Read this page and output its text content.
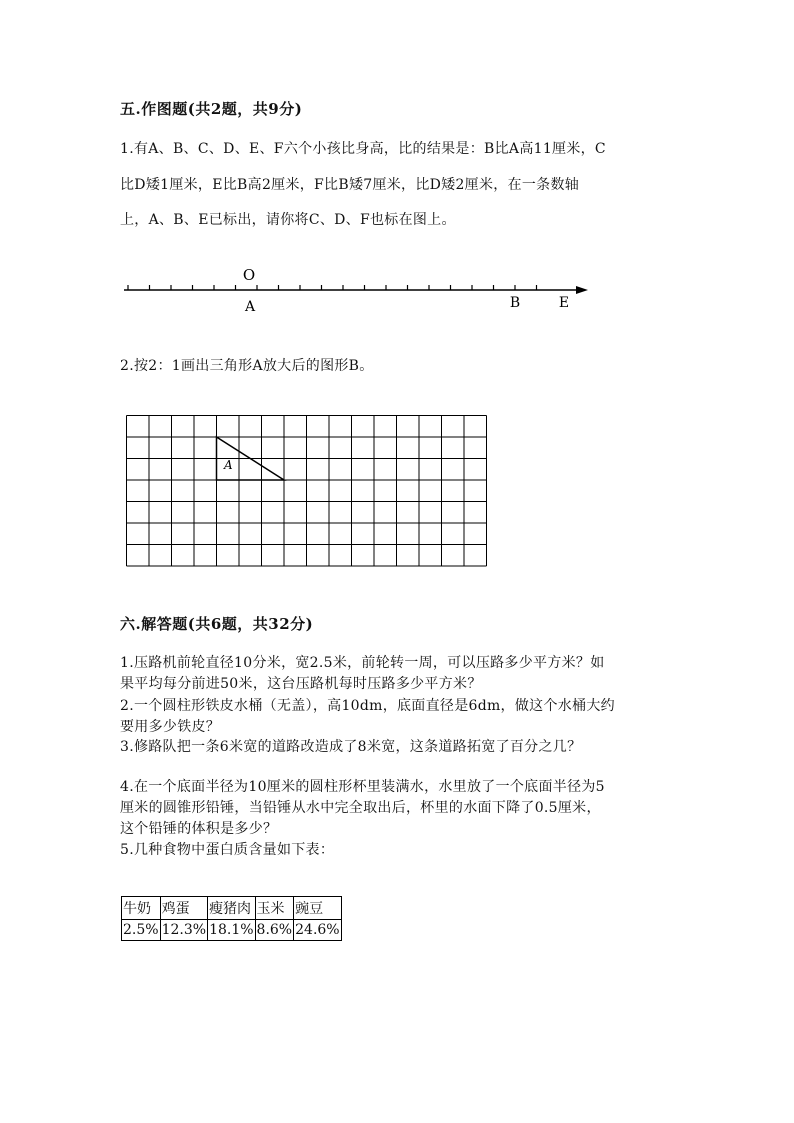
五.作图题(共2题，共9分)
1.有A、B、C、D、E、F六个小孩比身高，比的结果是：B比A高11厘米，C
比D矮1厘米，E比B高2厘米，F比B矮7厘米，比D矮2厘米，在一条数轴
上，A、B、E已标出，请你将C、D、F也标在图上。
O
A	B	E
2.按2：1画出三角形A放大后的图形B。
A
六.解答题(共6题，共32分)
1.压路机前轮直径10分米，宽2.5米，前轮转一周，可以压路多少平方米？如
果平均每分前进50米，这台压路机每时压路多少平方米？
2.一个圆柱形铁皮水桶（无盖），高10dm，底面直径是6dm，做这个水桶大约
要用多少铁皮？
3.修路队把一条6米宽的道路改造成了8米宽，这条道路拓宽了百分之几？
4.在一个底面半径为10厘米的圆柱形杯里装满水，水里放了一个底面半径为5
厘米的圆锥形铅锤，当铅锤从水中完全取出后，杯里的水面下降了0.5厘米，
这个铅锤的体积是多少？
5.几种食物中蛋白质含量如下表：
牛奶	鸡蛋	瘦猪肉	玉米	豌豆
2.5%	12.3%	18.1%	8.6%	24.6%
